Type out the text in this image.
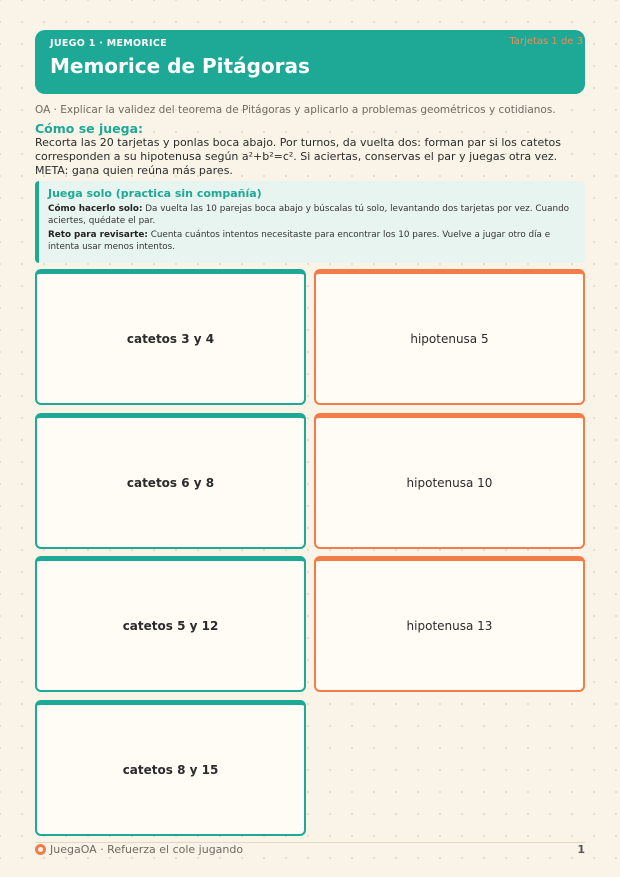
JUEGO 1 · MEMORICE
Memorice de Pitágoras
Tarjetas 1 de 3
OA · Explicar la validez del teorema de Pitágoras y aplicarlo a problemas geométricos y cotidianos.
Cómo se juega:
Recorta las 20 tarjetas y ponlas boca abajo. Por turnos, da vuelta dos: forman par si los catetos corresponden a su hipotenusa según a²+b²=c². Si aciertas, conservas el par y juegas otra vez. META: gana quien reúna más pares.
Juega solo (practica sin compañía)
Cómo hacerlo solo: Da vuelta las 10 parejas boca abajo y búscalas tú solo, levantando dos tarjetas por vez. Cuando aciertes, quédate el par.
Reto para revisarte: Cuenta cuántos intentos necesitaste para encontrar los 10 pares. Vuelve a jugar otro día e intenta usar menos intentos.
catetos 3 y 4	hipotenusa 5
catetos 6 y 8	hipotenusa 10
catetos 5 y 12	hipotenusa 13
catetos 8 y 15
JuegaOA · Refuerza el cole jugando	1
